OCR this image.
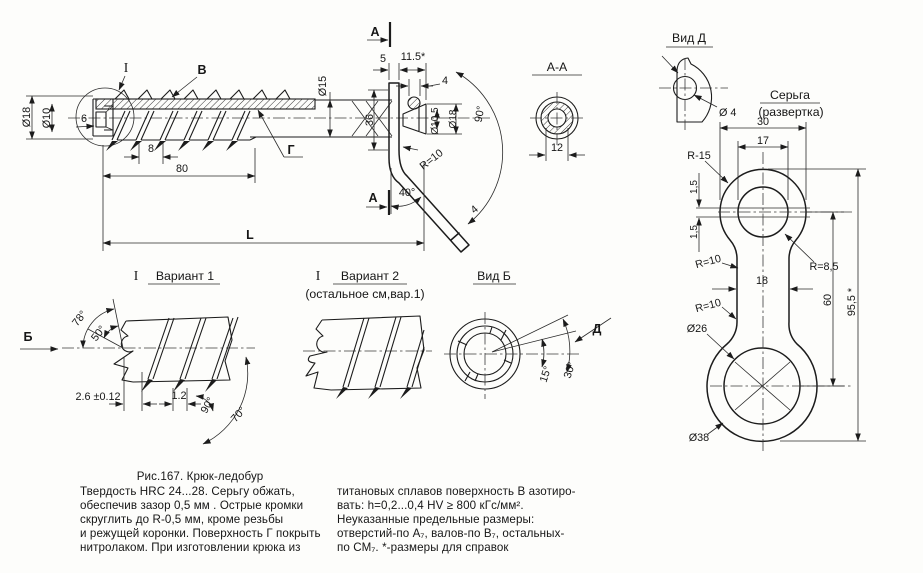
Ø18 Ø10	6
I	В
Г
8
80
L
Ø15
36
5 11.5*
4
Ø10,5 Ø18 90°
R=10
40°
4
А
А
А-А
12
Вид Д
Ø 4
Серьга
(развертка)
30
17
R-15
1,5
1,5
R=10
18
R=8,5
R=10
Ø26
Ø38
60 95,5 *
I Вариант 1
78°
50°
2.6 ±0.12	1.2 90° 70°
Б
I Вариант 2
(остальное см,вар.1)
Вид Б
15° 30°
Д
Рис.167. Крюк-ледобур
Твердость HRC 24...28. Серьгу обжать,
обеспечив зазор 0,5 мм . Острые кромки
скруглить до R-0,5 мм, кроме резьбы
и режущей коронки. Поверхность Г покрыть
нитролаком. При изготовлении крюка из
титановых сплавов поверхность В азотиро-
вать: h=0,2...0,4 HV ≥ 800 кГс/мм².
Неуказанные предельные размеры:
отверстий-по А₇, валов-по В₇, остальных-
по СМ₇. *-размеры для справок
